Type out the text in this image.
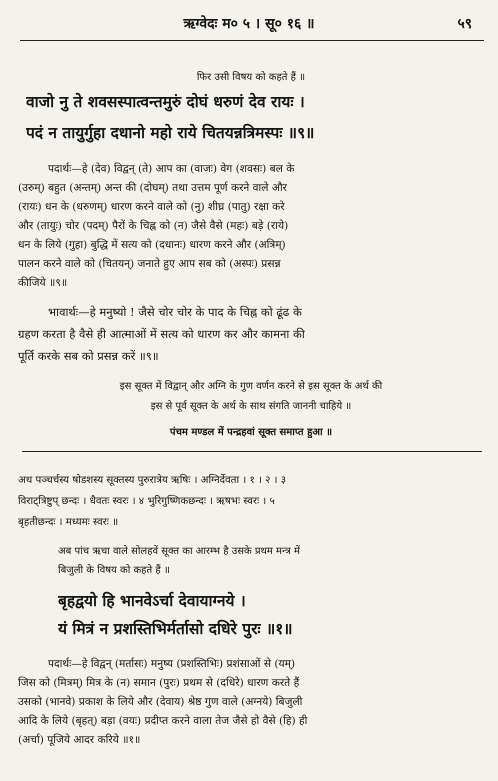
ऋग्वेदः म० ५ । सू० १६ ॥	५९
फिर उसी विषय को कहते हैं ॥
वाजो नु ते शवसस्पात्वन्तमुरुं दोघं धरुणं देव रायः ।
पदं न तायुर्गुहा दधानो महो राये चितयन्नत्रिमस्पः ॥९॥
पदार्थः—हे (देव) विद्वन् (ते) आप का (वाजः) वेग (शवसः) बल के
(उरुम्) बहुत (अन्तम्) अन्त की (दोघम्) तथा उत्तम पूर्ण करने वाले और
(रायः) धन के (धरुणम्) धारण करने वाले को (नु) शीघ्र (पातु) रक्षा करे
और (तायुः) चोर (पदम्) पैरों के चिह्न को (न) जैसे वैसे (महः) बड़े (राये)
धन के लिये (गुहा) बुद्धि में सत्य को (दधानः) धारण करने और (अत्रिम्)
पालन करने वाले को (चितयन्) जनाते हुए आप सब को (अस्पः) प्रसन्न
कीजिये ॥९॥
भावार्थः—हे मनुष्यो ! जैसे चोर चोर के पाद के चिह्न को ढूंढ के
ग्रहण करता है वैसे ही आत्माओं में सत्य को धारण कर और कामना की
पूर्ति करके सब को प्रसन्न करें ॥९॥
इस सूक्त में विद्वान् और अग्नि के गुण वर्णन करने से इस सूक्त के अर्थ की
इस से पूर्व सूक्त के अर्थ के साथ संगति जाननी चाहिये ॥
पंचम मण्डल में पन्द्रहवां सूक्त समाप्त हुआ ॥
अथ पञ्चर्चस्य षोडशस्य सूक्तस्य पुरुरात्रेय ऋषिः । अग्निर्देवता । १ । २ । ३
विराट्त्रिष्टुप् छन्दः । धैवतः स्वरः । ४ भुरिगुष्णिकछन्दः । ऋषभः स्वरः । ५
बृहतीछन्दः । मध्यमः स्वरः ॥
अब पांच ऋचा वाले सोलहवें सूक्त का आरम्भ है उसके प्रथम मन्त्र में
बिजुली के विषय को कहते हैं ॥
बृहद्वयो हि भानवेऽर्चा देवायाग्नये ।
यं मित्रं न प्रशस्तिभिर्मर्तासो दधिरे पुरः ॥१॥
पदार्थः—हे विद्वन् (मर्तासः) मनुष्य (प्रशस्तिभिः) प्रशंसाओं से (यम्)
जिस को (मित्रम्) मित्र के (न) समान (पुरः) प्रथम से (दधिरे) धारण करते हैं
उसको (भानवे) प्रकाश के लिये और (देवाय) श्रेष्ठ गुण वाले (अग्नये) बिजुली
आदि के लिये (बृहत्) बड़ा (वयः) प्रदीप्त करने वाला तेज जैसे हो वैसे (हि) ही
(अर्चा) पूजिये आदर करिये ॥१॥
